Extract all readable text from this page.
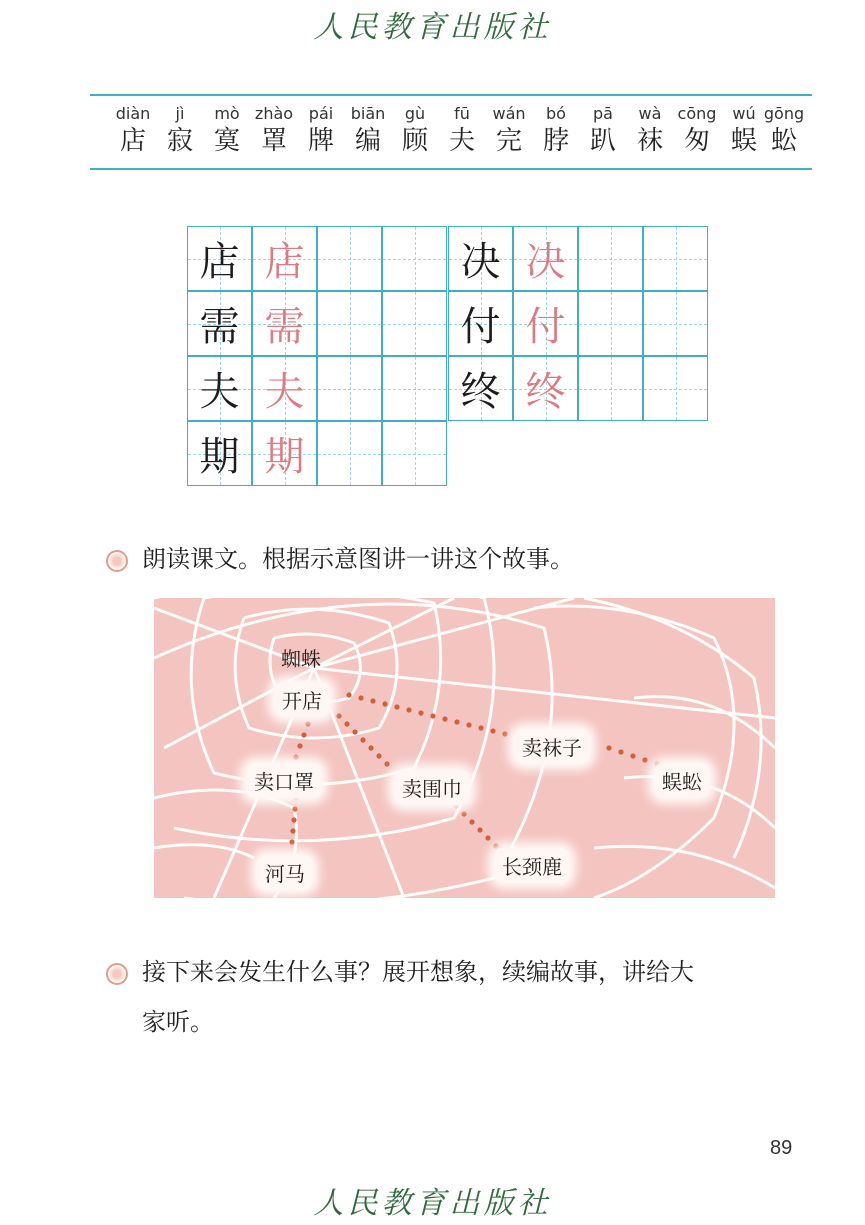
人民教育出版社
diàn
店
jì
寂
mò
寞
zhào
罩
pái
牌
biān
编
gù
顾
fū
夫
wán
完
bó
脖
pā
趴
wà
袜
cōng
匆
wú
蜈
gōng
蚣
店 店
需 需
夫 夫
期 期
决 决
付 付
终 终
朗读课文。根据示意图讲一讲这个故事。
蜘蛛
开店
卖袜子
蜈蚣
卖口罩	卖围巾
河马	长颈鹿
接下来会发生什么事？展开想象，续编故事，讲给大
家听。
89
人民教育出版社
